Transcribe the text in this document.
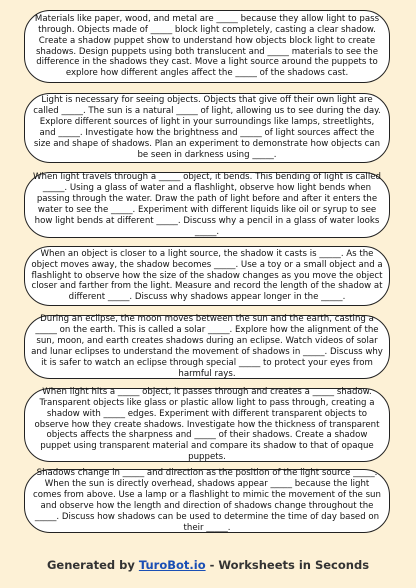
Materials like paper, wood, and metal are _____ because they allow light to pass through. Objects made of _____ block light completely, casting a clear shadow. Create a shadow puppet show to understand how objects block light to create shadows. Design puppets using both translucent and _____ materials to see the difference in the shadows they cast. Move a light source around the puppets to explore how different angles affect the _____ of the shadows cast.

Light is necessary for seeing objects. Objects that give off their own light are called _____. The sun is a natural _____ of light, allowing us to see during the day. Explore different sources of light in your surroundings like lamps, streetlights, and _____. Investigate how the brightness and _____ of light sources affect the size and shape of shadows. Plan an experiment to demonstrate how objects can be seen in darkness using _____.

When light travels through a _____ object, it bends. This bending of light is called _____. Using a glass of water and a flashlight, observe how light bends when passing through the water. Draw the path of light before and after it enters the water to see the _____. Experiment with different liquids like oil or syrup to see how light bends at different _____. Discuss why a pencil in a glass of water looks _____.

When an object is closer to a light source, the shadow it casts is _____. As the object moves away, the shadow becomes _____. Use a toy or a small object and a flashlight to observe how the size of the shadow changes as you move the object closer and farther from the light. Measure and record the length of the shadow at different _____. Discuss why shadows appear longer in the _____.

During an eclipse, the moon moves between the sun and the earth, casting a _____ on the earth. This is called a solar _____. Explore how the alignment of the sun, moon, and earth creates shadows during an eclipse. Watch videos of solar and lunar eclipses to understand the movement of shadows in _____. Discuss why it is safer to watch an eclipse through special _____ to protect your eyes from harmful rays.

When light hits a _____ object, it passes through and creates a _____ shadow. Transparent objects like glass or plastic allow light to pass through, creating a shadow with _____ edges. Experiment with different transparent objects to observe how they create shadows. Investigate how the thickness of transparent objects affects the sharpness and _____ of their shadows. Create a shadow puppet using transparent material and compare its shadow to that of opaque puppets.

Shadows change in _____ and direction as the position of the light source _____. When the sun is directly overhead, shadows appear _____ because the light comes from above. Use a lamp or a flashlight to mimic the movement of the sun and observe how the length and direction of shadows change throughout the _____. Discuss how shadows can be used to determine the time of day based on their _____.

Generated by TuroBot.io - Worksheets in Seconds
